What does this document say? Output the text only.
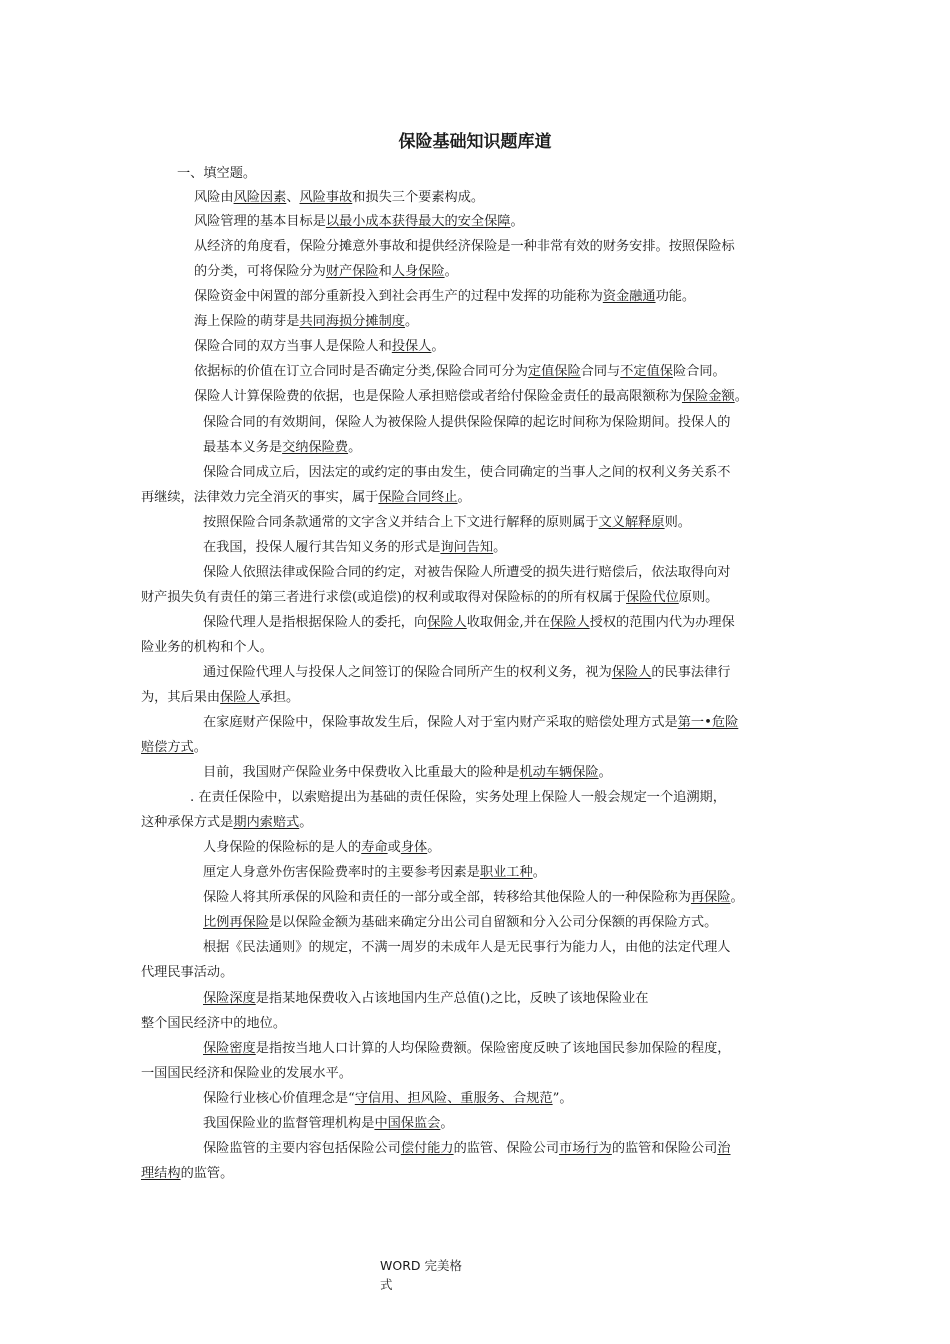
保险基础知识题库道
一、填空题。
风险由风险因素、风险事故和损失三个要素构成。
风险管理的基本目标是以最小成本获得最大的安全保障。
从经济的角度看，保险分摊意外事故和提供经济保险是一种非常有效的财务安排。按照保险标
的分类，可将保险分为财产保险和人身保险。
保险资金中闲置的部分重新投入到社会再生产的过程中发挥的功能称为资金融通功能。
海上保险的萌芽是共同海损分摊制度。
保险合同的双方当事人是保险人和投保人。
依据标的价值在订立合同时是否确定分类,保险合同可分为定值保险合同与不定值保险合同。
保险人计算保险费的依据，也是保险人承担赔偿或者给付保险金责任的最高限额称为保险金额。
保险合同的有效期间，保险人为被保险人提供保险保障的起讫时间称为保险期间。投保人的
最基本义务是交纳保险费。
保险合同成立后，因法定的或约定的事由发生，使合同确定的当事人之间的权利义务关系不
再继续，法律效力完全消灭的事实，属于保险合同终止。
按照保险合同条款通常的文字含义并结合上下文进行解释的原则属于文义解释原则。
在我国，投保人履行其告知义务的形式是询问告知。
保险人依照法律或保险合同的约定，对被告保险人所遭受的损失进行赔偿后，依法取得向对
财产损失负有责任的第三者进行求偿(或追偿)的权利或取得对保险标的的所有权属于保险代位原则。
保险代理人是指根据保险人的委托，向保险人收取佣金,并在保险人授权的范围内代为办理保
险业务的机构和个人。
通过保险代理人与投保人之间签订的保险合同所产生的权利义务，视为保险人的民事法律行
为，其后果由保险人承担。
在家庭财产保险中，保险事故发生后，保险人对于室内财产采取的赔偿处理方式是第一•危险
赔偿方式。
目前，我国财产保险业务中保费收入比重最大的险种是机动车辆保险。
. 在责任保险中，以索赔提出为基础的责任保险，实务处理上保险人一般会规定一个追溯期，
这种承保方式是期内索赔式。
人身保险的保险标的是人的寿命或身体。
厘定人身意外伤害保险费率时的主要参考因素是职业工种。
保险人将其所承保的风险和责任的一部分或全部，转移给其他保险人的一种保险称为再保险。
比例再保险是以保险金额为基础来确定分出公司自留额和分入公司分保额的再保险方式。
根据《民法通则》的规定，不满一周岁的未成年人是无民事行为能力人，由他的法定代理人
代理民事活动。
保险深度是指某地保费收入占该地国内生产总值()之比，反映了该地保险业在
整个国民经济中的地位。
保险密度是指按当地人口计算的人均保险费额。保险密度反映了该地国民参加保险的程度，
一国国民经济和保险业的发展水平。
保险行业核心价值理念是“守信用、担风险、重服务、合规范”。
我国保险业的监督管理机构是中国保监会。
保险监管的主要内容包括保险公司偿付能力的监管、保险公司市场行为的监管和保险公司治
理结构的监管。
WORD 完美格
式
